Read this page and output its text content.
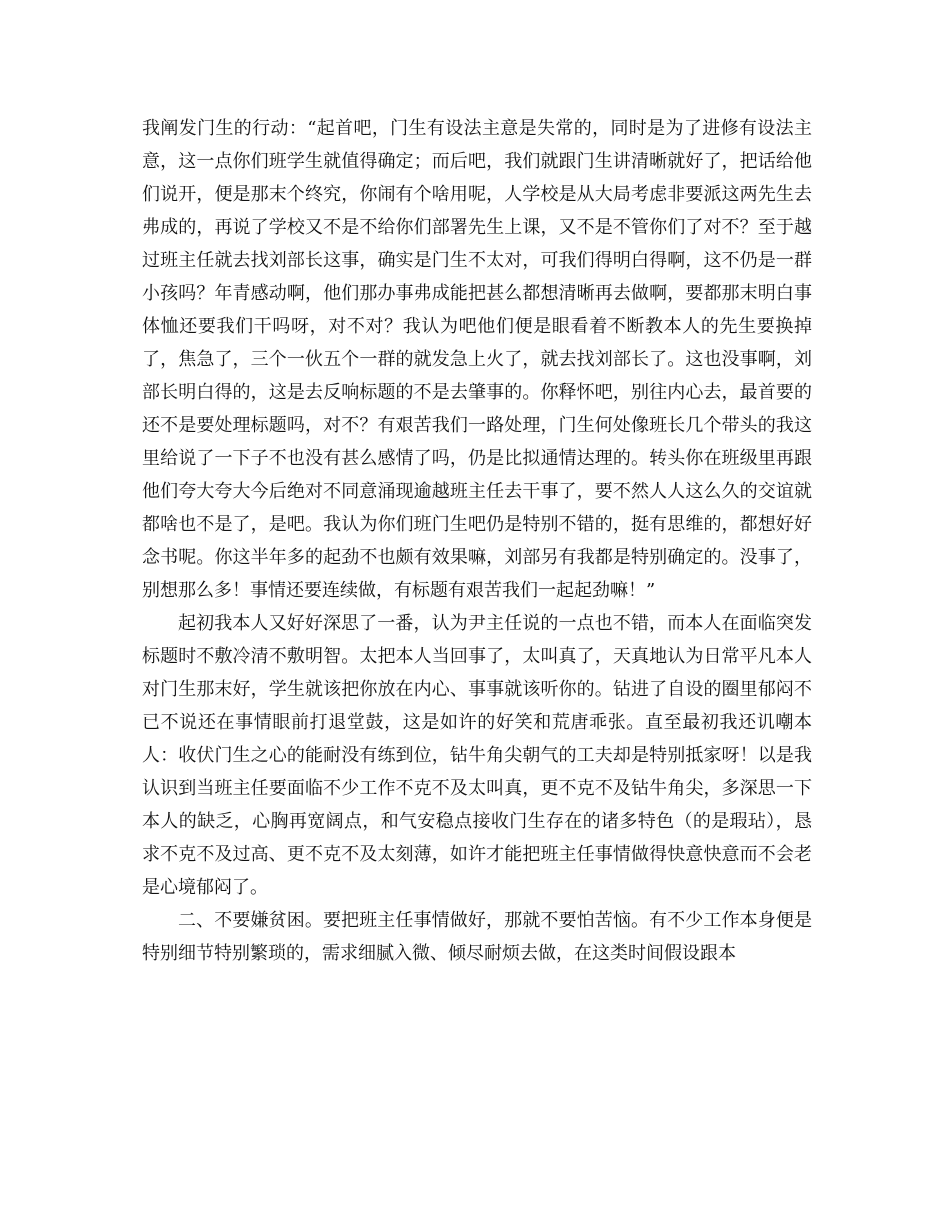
我阐发门生的行动：“起首吧，门生有设法主意是失常的，同时是为了进修有设法主意，这一点你们班学生就值得确定；而后吧，我们就跟门生讲清晰就好了，把话给他们说开，便是那末个终究，你闹有个啥用呢，人学校是从大局考虑非要派这两先生去弗成的，再说了学校又不是不给你们部署先生上课，又不是不管你们了对不？至于越过班主任就去找刘部长这事，确实是门生不太对，可我们得明白得啊，这不仍是一群小孩吗？年青感动啊，他们那办事弗成能把甚么都想清晰再去做啊，要都那末明白事体恤还要我们干吗呀，对不对？我认为吧他们便是眼看着不断教本人的先生要换掉了，焦急了，三个一伙五个一群的就发急上火了，就去找刘部长了。这也没事啊，刘部长明白得的，这是去反响标题的不是去肇事的。你释怀吧，别往内心去，最首要的还不是要处理标题吗，对不？有艰苦我们一路处理，门生何处像班长几个带头的我这里给说了一下子不也没有甚么感情了吗，仍是比拟通情达理的。转头你在班级里再跟他们夸大夸大今后绝对不同意涌现逾越班主任去干事了，要不然人人这么久的交谊就都啥也不是了，是吧。我认为你们班门生吧仍是特别不错的，挺有思维的，都想好好念书呢。你这半年多的起劲不也颇有效果嘛，刘部另有我都是特别确定的。没事了，别想那么多！事情还要连续做，有标题有艰苦我们一起起劲嘛！”

起初我本人又好好深思了一番，认为尹主任说的一点也不错，而本人在面临突发标题时不敷冷清不敷明智。太把本人当回事了，太叫真了，天真地认为日常平凡本人对门生那末好，学生就该把你放在内心、事事就该听你的。钻进了自设的圈里郁闷不已不说还在事情眼前打退堂鼓，这是如许的好笑和荒唐乖张。直至最初我还讥嘲本人：收伏门生之心的能耐没有练到位，钻牛角尖朝气的工夫却是特别抵家呀！以是我认识到当班主任要面临不少工作不克不及太叫真，更不克不及钻牛角尖，多深思一下本人的缺乏，心胸再宽阔点，和气安稳点接收门生存在的诸多特色（的是瑕玷），恳求不克不及过高、更不克不及太刻薄，如许才能把班主任事情做得快意快意而不会老是心境郁闷了。

二、不要嫌贫困。要把班主任事情做好，那就不要怕苦恼。有不少工作本身便是特别细节特别繁琐的，需求细腻入微、倾尽耐烦去做，在这类时间假设跟本
